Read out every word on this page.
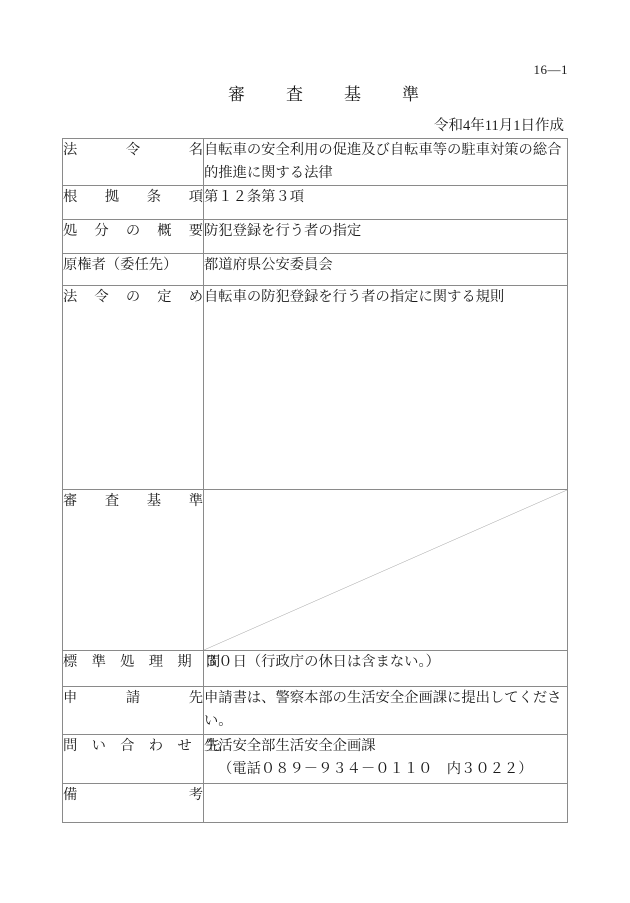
16—1
審　査　基　準
令和4年11月1日作成
法　令　名	自転車の安全利用の促進及び自転車等の駐車対策の総合的推進に関する法律

根　拠　条　項	第１２条第３項

処　分　の　概　要	防犯登録を行う者の指定

原権者（委任先）	都道府県公安委員会

法　令　の　定　め	自転車の防犯登録を行う者の指定に関する規則

審　査　基　準

標　準　処　理　期　間	３０日（行政庁の休日は含まない。）

申　請　先	申請書は、警察本部の生活安全企画課に提出してください。

問　い　合　わ　せ　先	生活安全部生活安全企画課
（電話０８９－９３４－０１１０　内３０２２）

備　考	
